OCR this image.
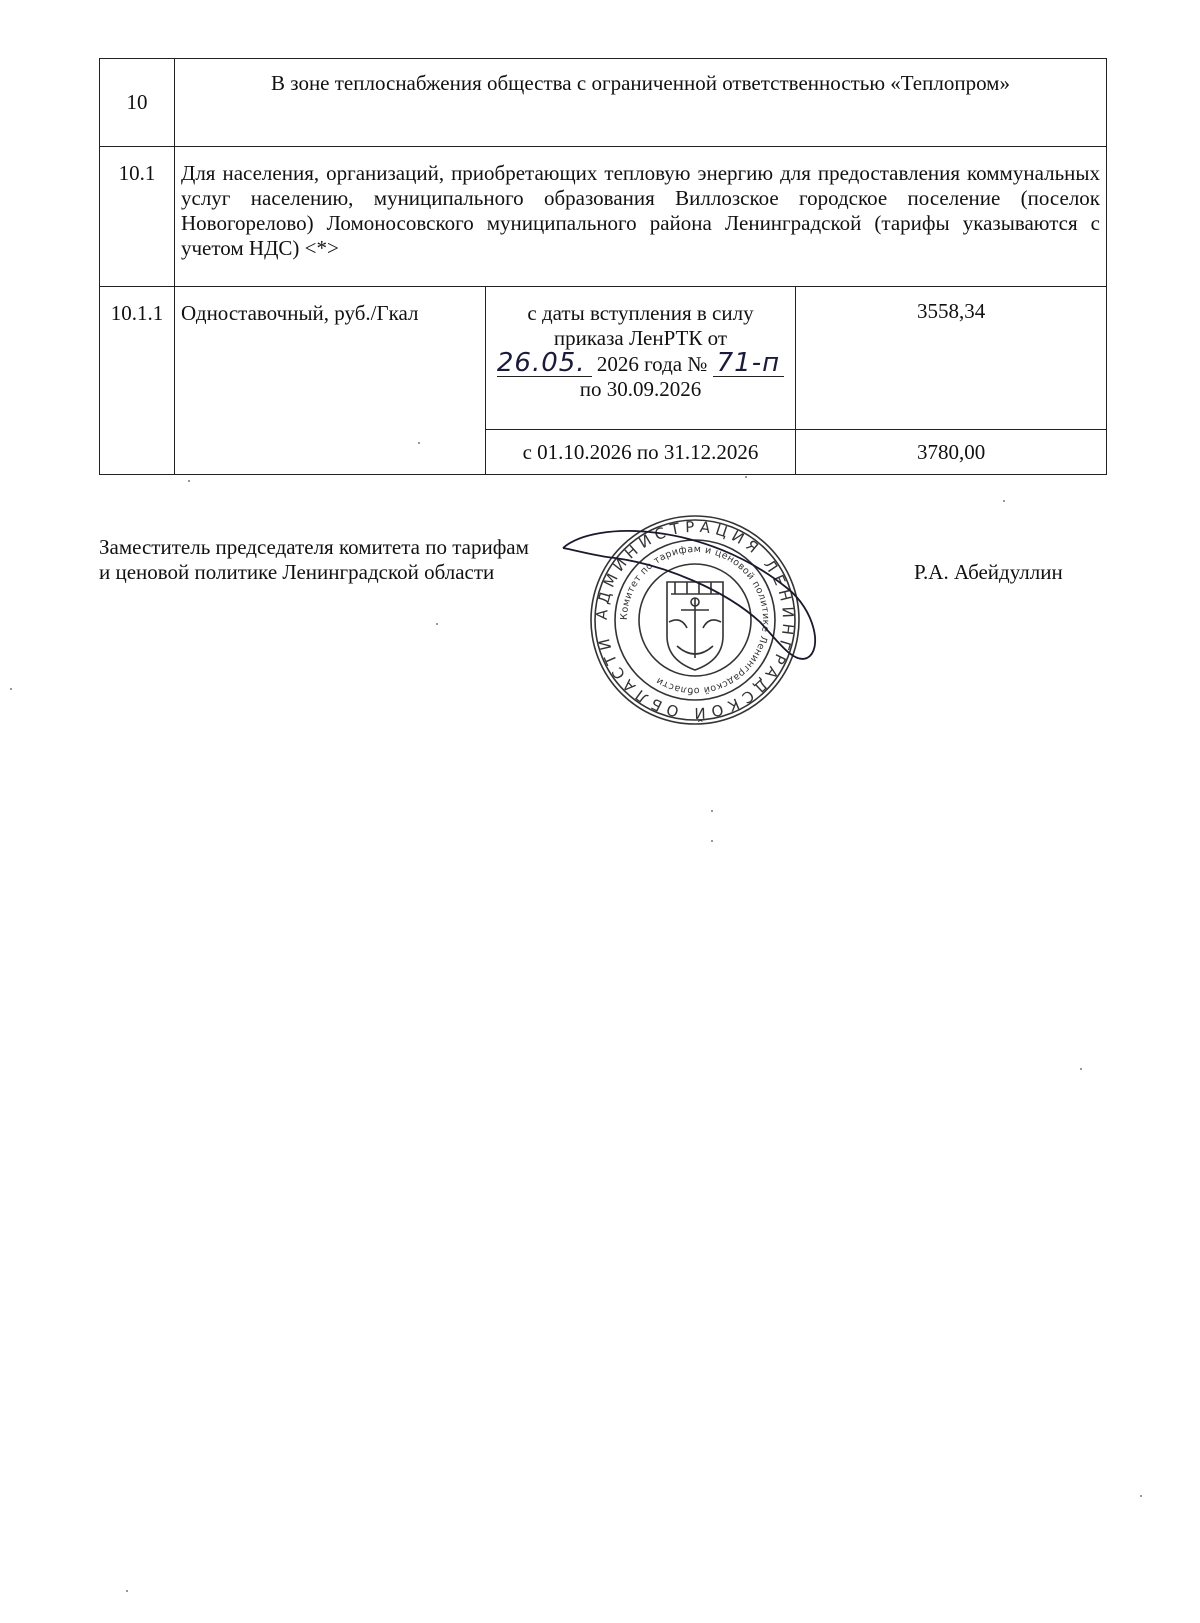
10	В зоне теплоснабжения общества с ограниченной ответственностью «Теплопром»		
10.1	Для населения, организаций, приобретающих тепловую энергию для предоставления коммунальных услуг населению, муниципального образования Виллозское городское поселение (поселок Новогорелово) Ломоносовского муниципального района Ленинградской (тарифы указываются с учетом НДС) <*>		
10.1.1	Одноставочный, руб./Гкал	с даты вступления в силу
приказа ЛенРТК от
26.05. 2026 года № 71-п
по 30.09.2026	3558,34
		с 01.10.2026 по 31.12.2026	3780,00
Заместитель председателя комитета по тарифам
и ценовой политике Ленинградской области	Р.А. Абейдуллин
АДМИНИСТРАЦИЯ ЛЕНИНГРАДСКОЙ ОБЛАСТИ
Комитет по тарифам и ценовой политике Ленинградской области
